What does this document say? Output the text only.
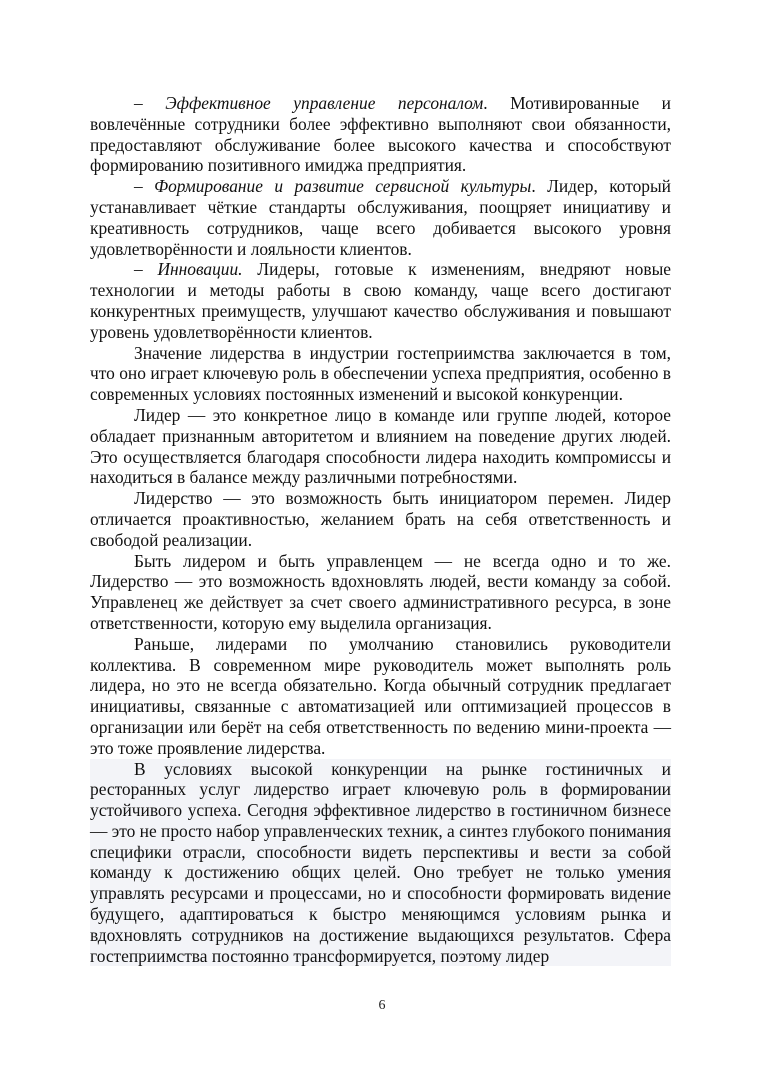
– Эффективное управление персоналом. Мотивированные и вовлечённые сотрудники более эффективно выполняют свои обязанности, предоставляют обслуживание более высокого качества и способствуют формированию позитивного имиджа предприятия.

– Формирование и развитие сервисной культуры. Лидер, который устанавливает чёткие стандарты обслуживания, поощряет инициативу и креативность сотрудников, чаще всего добивается высокого уровня удовлетворённости и лояльности клиентов.

– Инновации. Лидеры, готовые к изменениям, внедряют новые технологии и методы работы в свою команду, чаще всего достигают конкурентных преимуществ, улучшают качество обслуживания и повышают уровень удовлетворённости клиентов.

Значение лидерства в индустрии гостеприимства заключается в том, что оно играет ключевую роль в обеспечении успеха предприятия, особенно в современных условиях постоянных изменений и высокой конкуренции.

Лидер — это конкретное лицо в команде или группе людей, которое обладает признанным авторитетом и влиянием на поведение других людей. Это осуществляется благодаря способности лидера находить компромиссы и находиться в балансе между различными потребностями.

Лидерство — это возможность быть инициатором перемен. Лидер отличается проактивностью, желанием брать на себя ответственность и свободой реализации.

Быть лидером и быть управленцем — не всегда одно и то же. Лидерство — это возможность вдохновлять людей, вести команду за собой. Управленец же действует за счет своего административного ресурса, в зоне ответственности, которую ему выделила организация.

Раньше, лидерами по умолчанию становились руководители коллектива. В современном мире руководитель может выполнять роль лидера, но это не всегда обязательно. Когда обычный сотрудник предлагает инициативы, связанные с автоматизацией или оптимизацией процессов в организации или берёт на себя ответственность по ведению мини-проекта — это тоже проявление лидерства.

В условиях высокой конкуренции на рынке гостиничных и ресторанных услуг лидерство играет ключевую роль в формировании устойчивого успеха. Сегодня эффективное лидерство в гостиничном бизнесе — это не просто набор управленческих техник, а синтез глубокого понимания специфики отрасли, способности видеть перспективы и вести за собой команду к достижению общих целей. Оно требует не только умения управлять ресурсами и процессами, но и способности формировать видение будущего, адаптироваться к быстро меняющимся условиям рынка и вдохновлять сотрудников на достижение выдающихся результатов. Сфера гостеприимства постоянно трансформируется, поэтому лидер

6
